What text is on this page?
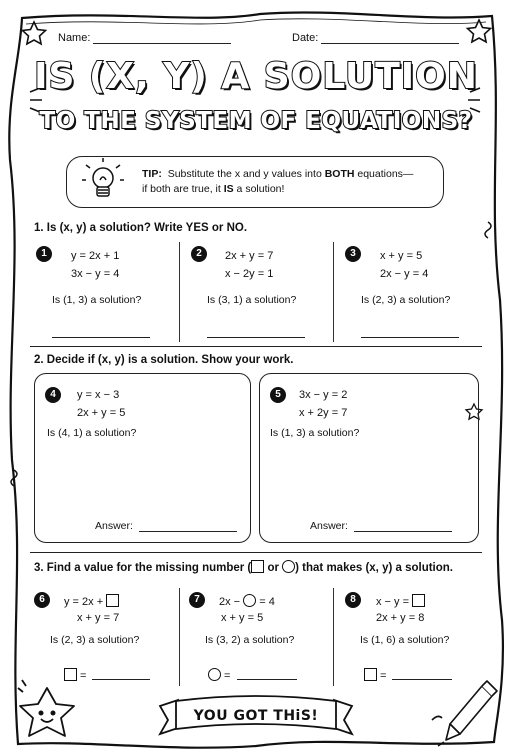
Name:	Date:
IS (X, Y) A SOLUTION
TO THE SYSTEM OF EQUATIONS?
TIP: Substitute the x and y values into BOTH equations—
if both are true, it IS a solution!
1. Is (x, y) a solution? Write YES or NO.
1	y = 2x + 1
3x − y = 4
Is (1, 3) a solution?
2	2x + y = 7
x − 2y = 1
Is (3, 1) a solution?
3	x + y = 5
2x − y = 4
Is (2, 3) a solution?
2. Decide if (x, y) is a solution. Show your work.
4	y = x − 3
2x + y = 5
Is (4, 1) a solution?
Answer:
5	3x − y = 2
x + 2y = 7
Is (1, 3) a solution?
Answer:
3. Find a value for the missing number ( or ) that makes (x, y) a solution.
6	y = 2x +
x + y = 7
Is (2, 3) a solution?
=
7	2x −  = 4
x + y = 5
Is (3, 2) a solution?
=
8	x − y =
2x + y = 8
Is (1, 6) a solution?
=
YOU GOT THiS!
